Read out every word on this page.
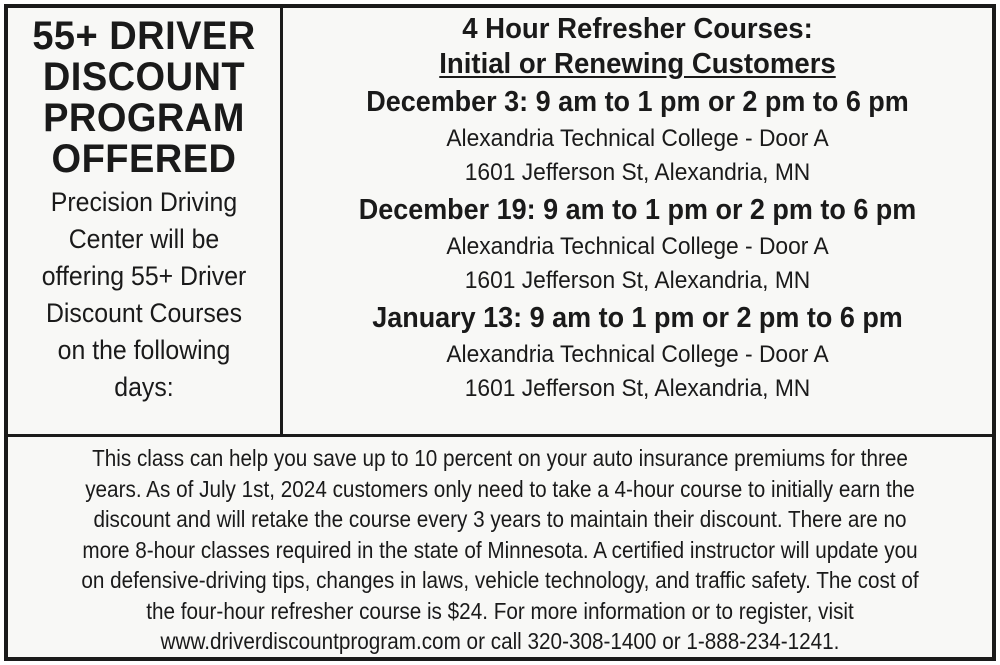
55+ DRIVER
DISCOUNT
PROGRAM
OFFERED
Precision Driving
Center will be
offering 55+ Driver
Discount Courses
on the following
days:
4 Hour Refresher Courses:
Initial or Renewing Customers
December 3: 9 am to 1 pm or 2 pm to 6 pm
Alexandria Technical College - Door A
1601 Jefferson St, Alexandria, MN
December 19: 9 am to 1 pm or 2 pm to 6 pm
Alexandria Technical College - Door A
1601 Jefferson St, Alexandria, MN
January 13: 9 am to 1 pm or 2 pm to 6 pm
Alexandria Technical College - Door A
1601 Jefferson St, Alexandria, MN
This class can help you save up to 10 percent on your auto insurance premiums for three
years. As of July 1st, 2024 customers only need to take a 4-hour course to initially earn the
discount and will retake the course every 3 years to maintain their discount. There are no
more 8-hour classes required in the state of Minnesota. A certified instructor will update you
on defensive-driving tips, changes in laws, vehicle technology, and traffic safety. The cost of
the four-hour refresher course is $24. For more information or to register, visit
www.driverdiscountprogram.com or call 320-308-1400 or 1-888-234-1241.
